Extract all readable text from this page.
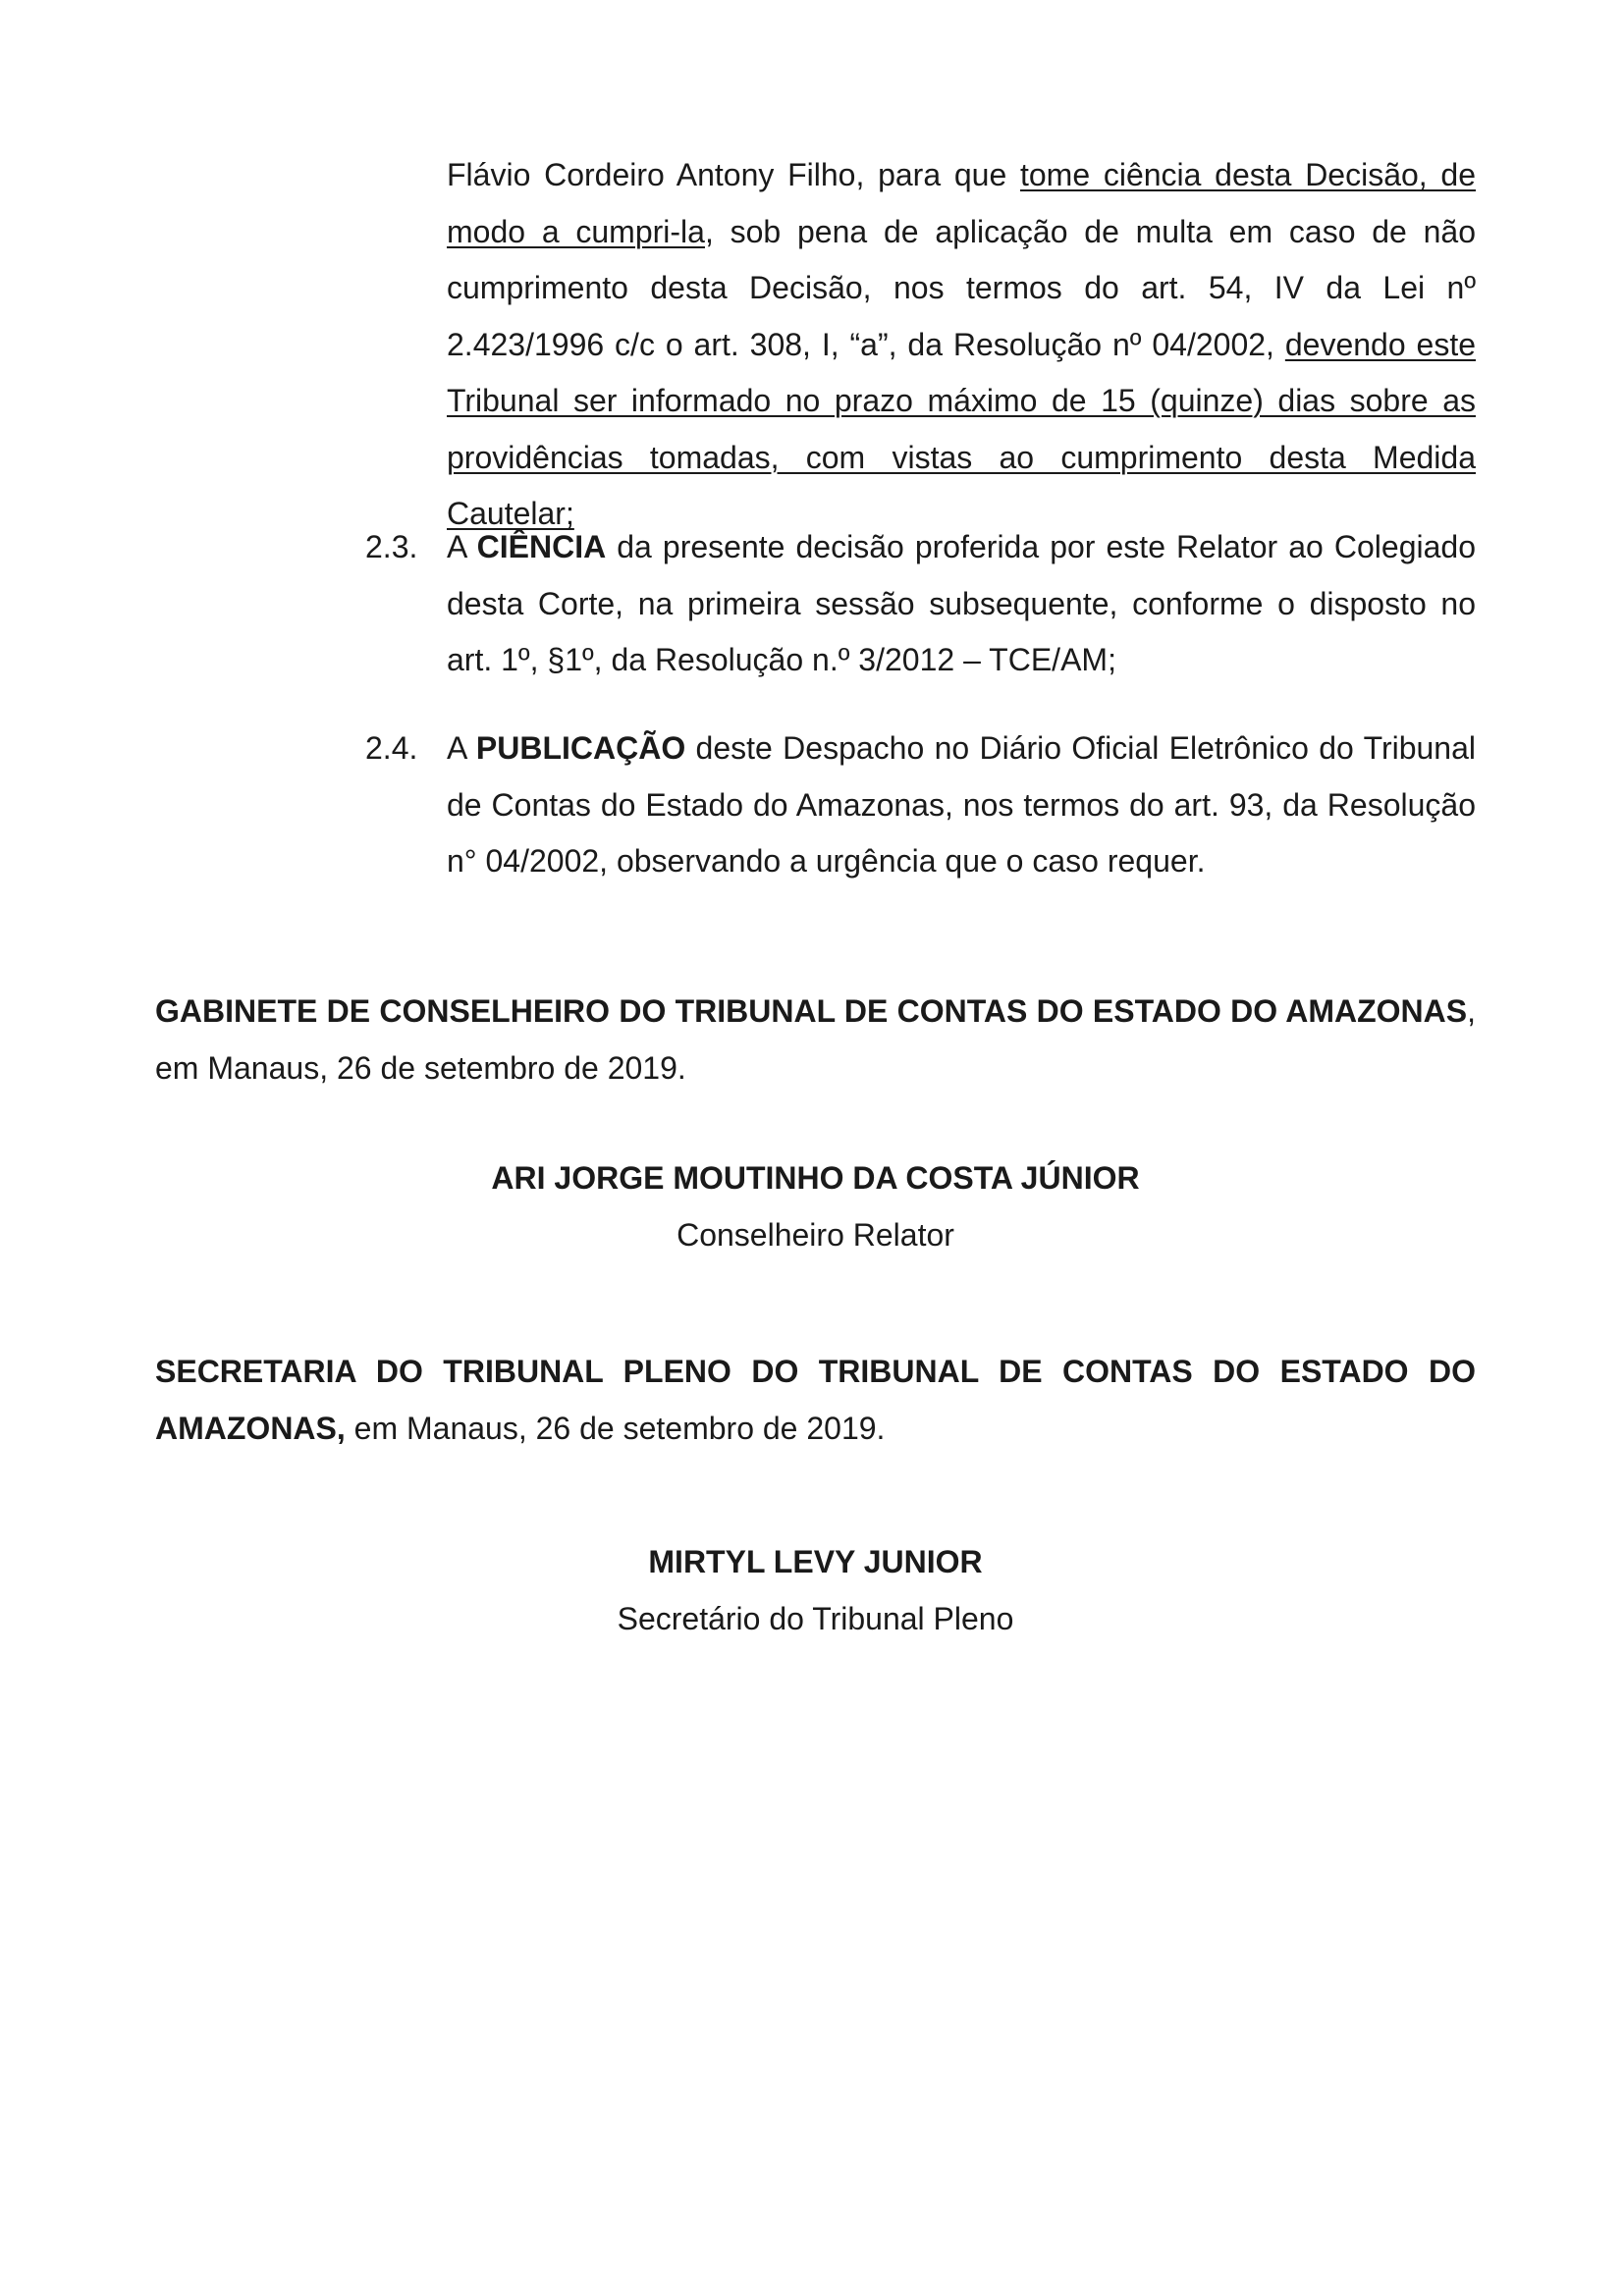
Flávio Cordeiro Antony Filho, para que tome ciência desta Decisão, de modo a cumpri-la, sob pena de aplicação de multa em caso de não cumprimento desta Decisão, nos termos do art. 54, IV da Lei nº 2.423/1996 c/c o art. 308, I, “a”, da Resolução nº 04/2002, devendo este Tribunal ser informado no prazo máximo de 15 (quinze) dias sobre as providências tomadas, com vistas ao cumprimento desta Medida Cautelar;

2.3. A CIÊNCIA da presente decisão proferida por este Relator ao Colegiado desta Corte, na primeira sessão subsequente, conforme o disposto no art. 1º, §1º, da Resolução n.º 3/2012 – TCE/AM;
2.4. A PUBLICAÇÃO deste Despacho no Diário Oficial Eletrônico do Tribunal de Contas do Estado do Amazonas, nos termos do art. 93, da Resolução n° 04/2002, observando a urgência que o caso requer.

GABINETE DE CONSELHEIRO DO TRIBUNAL DE CONTAS DO ESTADO DO AMAZONAS, em Manaus, 26 de setembro de 2019.

ARI JORGE MOUTINHO DA COSTA JÚNIOR
Conselheiro Relator

SECRETARIA DO TRIBUNAL PLENO DO TRIBUNAL DE CONTAS DO ESTADO DO AMAZONAS, em Manaus, 26 de setembro de 2019.

MIRTYL LEVY JUNIOR
Secretário do Tribunal Pleno
